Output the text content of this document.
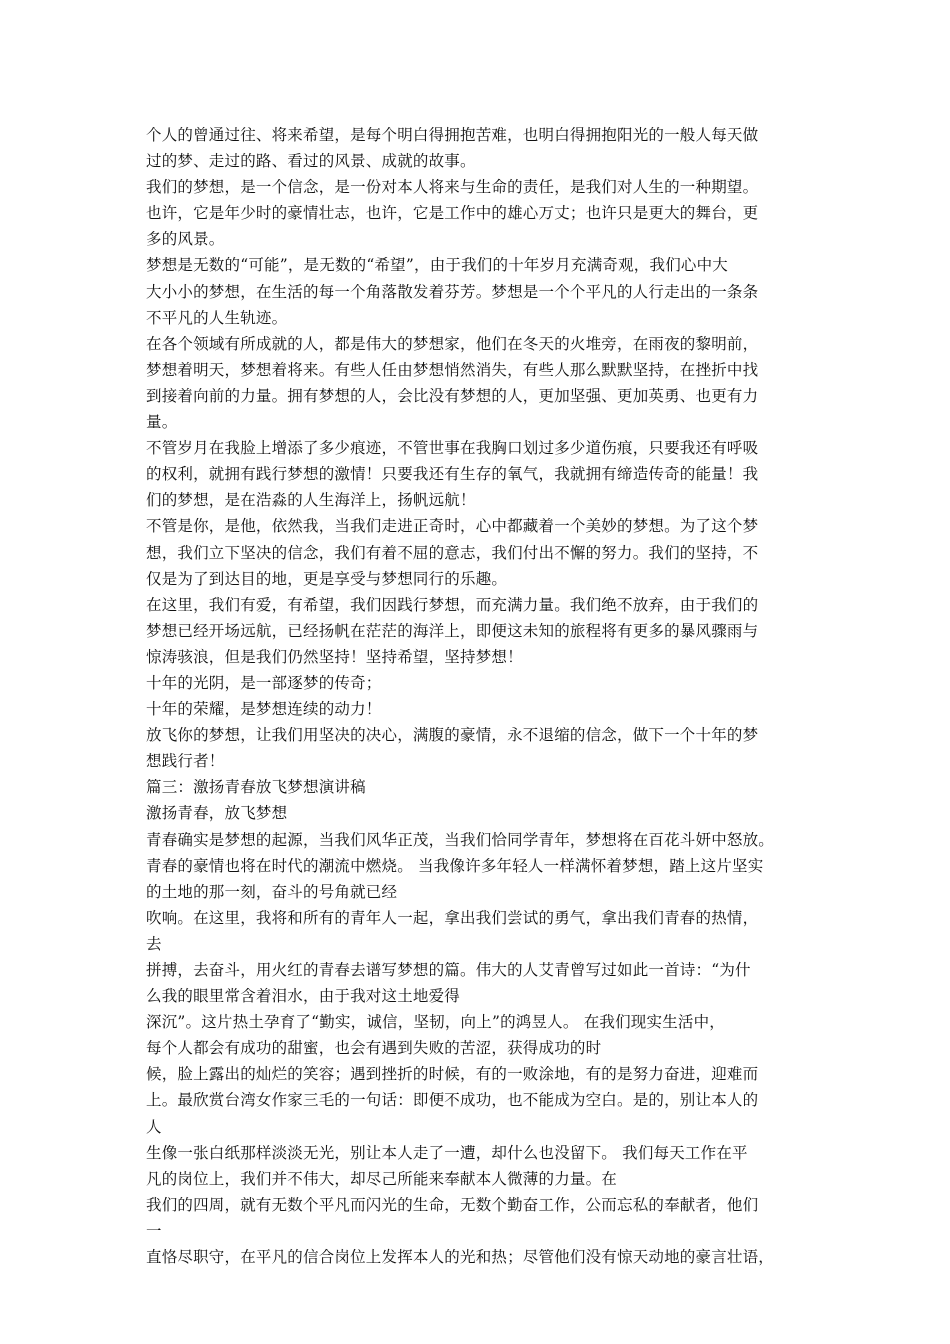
个人的曾通过往、将来希望，是每个明白得拥抱苦难，也明白得拥抱阳光的一般人每天做
过的梦、走过的路、看过的风景、成就的故事。
我们的梦想，是一个信念，是一份对本人将来与生命的责任，是我们对人生的一种期望。
也许，它是年少时的豪情壮志，也许，它是工作中的雄心万丈；也许只是更大的舞台，更
多的风景。
梦想是无数的“可能”，是无数的“希望”，由于我们的十年岁月充满奇观，我们心中大
大小小的梦想，在生活的每一个角落散发着芬芳。梦想是一个个平凡的人行走出的一条条
不平凡的人生轨迹。
在各个领域有所成就的人，都是伟大的梦想家，他们在冬天的火堆旁，在雨夜的黎明前，
梦想着明天，梦想着将来。有些人任由梦想悄然消失，有些人那么默默坚持，在挫折中找
到接着向前的力量。拥有梦想的人，会比没有梦想的人，更加坚强、更加英勇、也更有力
量。
不管岁月在我脸上增添了多少痕迹，不管世事在我胸口划过多少道伤痕，只要我还有呼吸
的权利，就拥有践行梦想的激情！只要我还有生存的氧气，我就拥有缔造传奇的能量！我
们的梦想，是在浩淼的人生海洋上，扬帆远航！
不管是你，是他，依然我，当我们走进正奇时，心中都藏着一个美妙的梦想。为了这个梦
想，我们立下坚决的信念，我们有着不屈的意志，我们付出不懈的努力。我们的坚持，不
仅是为了到达目的地，更是享受与梦想同行的乐趣。
在这里，我们有爱，有希望，我们因践行梦想，而充满力量。我们绝不放弃，由于我们的
梦想已经开场远航，已经扬帆在茫茫的海洋上，即便这未知的旅程将有更多的暴风骤雨与
惊涛骇浪，但是我们仍然坚持！坚持希望，坚持梦想！
十年的光阴，是一部逐梦的传奇；
十年的荣耀，是梦想连续的动力！
放飞你的梦想，让我们用坚决的决心，满腹的豪情，永不退缩的信念，做下一个十年的梦
想践行者！
篇三：激扬青春放飞梦想演讲稿
激扬青春，放飞梦想
青春确实是梦想的起源，当我们风华正茂，当我们恰同学青年，梦想将在百花斗妍中怒放。
青春的豪情也将在时代的潮流中燃烧。 当我像许多年轻人一样满怀着梦想，踏上这片坚实
的土地的那一刻，奋斗的号角就已经
吹响。在这里，我将和所有的青年人一起，拿出我们尝试的勇气，拿出我们青春的热情，
去
拼搏，去奋斗，用火红的青春去谱写梦想的篇。伟大的人艾青曾写过如此一首诗：“为什
么我的眼里常含着泪水，由于我对这土地爱得
深沉”。这片热土孕育了“勤实，诚信，坚韧，向上”的鸿昱人。 在我们现实生活中，
每个人都会有成功的甜蜜，也会有遇到失败的苦涩，获得成功的时
候，脸上露出的灿烂的笑容；遇到挫折的时候，有的一败涂地，有的是努力奋进，迎难而
上。最欣赏台湾女作家三毛的一句话：即便不成功，也不能成为空白。是的，别让本人的
人
生像一张白纸那样淡淡无光，别让本人走了一遭，却什么也没留下。 我们每天工作在平
凡的岗位上，我们并不伟大，却尽己所能来奉献本人微薄的力量。在
我们的四周，就有无数个平凡而闪光的生命，无数个勤奋工作，公而忘私的奉献者，他们
一
直恪尽职守，在平凡的信合岗位上发挥本人的光和热；尽管他们没有惊天动地的豪言壮语，
